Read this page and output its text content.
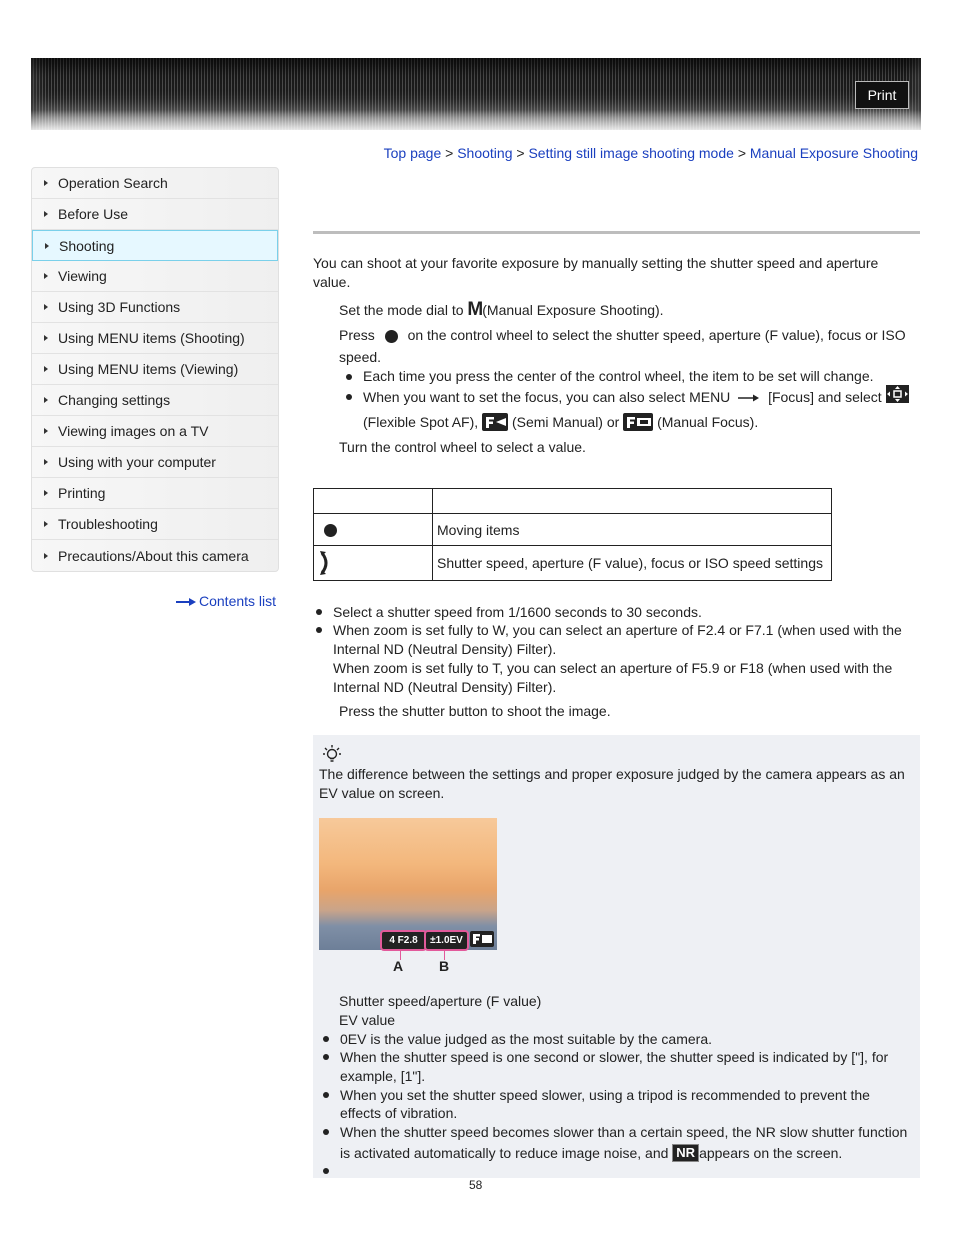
Print
Top page > Shooting > Setting still image shooting mode > Manual Exposure Shooting
Operation Search
Before Use
Shooting
Viewing
Using 3D Functions
Using MENU items (Shooting)
Using MENU items (Viewing)
Changing settings
Viewing images on a TV
Using with your computer
Printing
Troubleshooting
Precautions/About this camera
Contents list
You can shoot at your favorite exposure by manually setting the shutter speed and aperture
value.
Set the mode dial to M(Manual Exposure Shooting).
Press on the control wheel to select the shutter speed, aperture (F value), focus or ISO
speed.
Each time you press the center of the control wheel, the item to be set will change.
When you want to set the focus, you can also select MENU	[Focus] and select
(Flexible Spot AF), (Semi Manual) or	(Manual Focus).
Turn the control wheel to select a value.

	Moving items
	Shutter speed, aperture (F value), focus or ISO speed settings
Select a shutter speed from 1/1600 seconds to 30 seconds.
When zoom is set fully to W, you can select an aperture of F2.4 or F7.1 (when used with the
Internal ND (Neutral Density) Filter).
When zoom is set fully to T, you can select an aperture of F5.9 or F18 (when used with the
Internal ND (Neutral Density) Filter).
Press the shutter button to shoot the image.
The difference between the settings and proper exposure judged by the camera appears as an
EV value on screen.
4 F2.8	±1.0EV
A	B
Shutter speed/aperture (F value)
EV value
0EV is the value judged as the most suitable by the camera.
When the shutter speed is one second or slower, the shutter speed is indicated by ["], for
example, [1"].
When you set the shutter speed slower, using a tripod is recommended to prevent the
effects of vibration.
When the shutter speed becomes slower than a certain speed, the NR slow shutter function
is activated automatically to reduce image noise, and NR appears on the screen.
58
